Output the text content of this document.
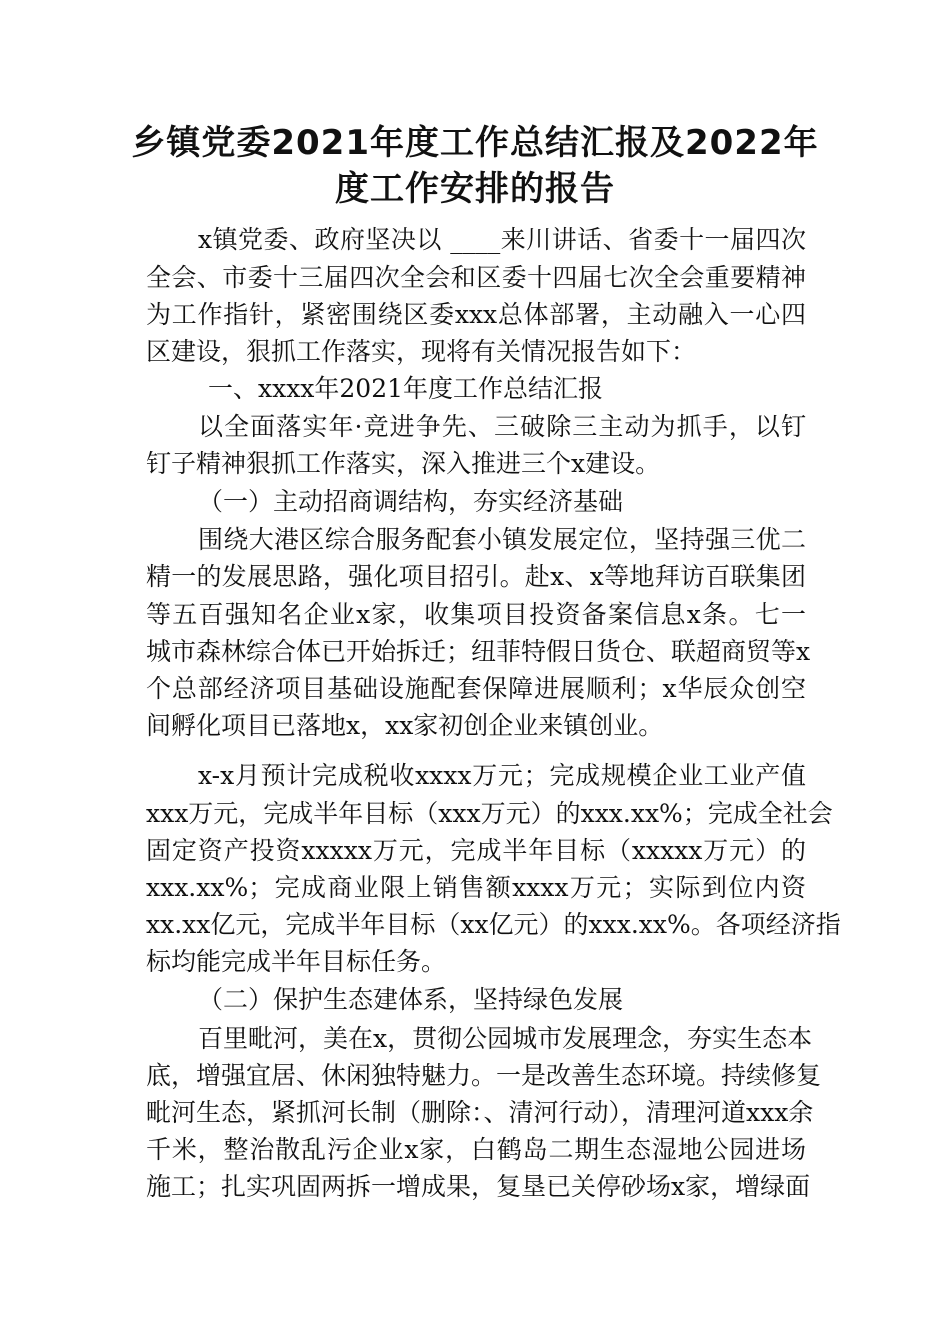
乡镇党委2021年度工作总结汇报及2022年
度工作安排的报告

x镇党委、政府坚决以 ____来川讲话、省委十一届四次

全会、市委十三届四次全会和区委十四届七次全会重要精神

为工作指针，紧密围绕区委xxx总体部署，主动融入一心四

区建设，狠抓工作落实，现将有关情况报告如下：

一、xxxx年2021年度工作总结汇报

以全面落实年·竞进争先、三破除三主动为抓手，以钉

钉子精神狠抓工作落实，深入推进三个x建设。

（一）主动招商调结构，夯实经济基础

围绕大港区综合服务配套小镇发展定位，坚持强三优二

精一的发展思路，强化项目招引。赴x、x等地拜访百联集团

等五百强知名企业x家，收集项目投资备案信息x条。七一

城市森林综合体已开始拆迁；纽菲特假日货仓、联超商贸等x

个总部经济项目基础设施配套保障进展顺利；x华辰众创空

间孵化项目已落地x，xx家初创企业来镇创业。

x-x月预计完成税收xxxx万元；完成规模企业工业产值

xxx万元，完成半年目标（xxx万元）的xxx.xx%；完成全社会

固定资产投资xxxxx万元，完成半年目标（xxxxx万元）的

xxx.xx%；完成商业限上销售额xxxx万元；实际到位内资

xx.xx亿元，完成半年目标（xx亿元）的xxx.xx%。各项经济指

标均能完成半年目标任务。

（二）保护生态建体系，坚持绿色发展

百里毗河，美在x，贯彻公园城市发展理念，夯实生态本

底，增强宜居、休闲独特魅力。一是改善生态环境。持续修复

毗河生态，紧抓河长制（删除：、清河行动），清理河道xxx余

千米，整治散乱污企业x家，白鹤岛二期生态湿地公园进场

施工；扎实巩固两拆一增成果，复垦已关停砂场x家，增绿面
